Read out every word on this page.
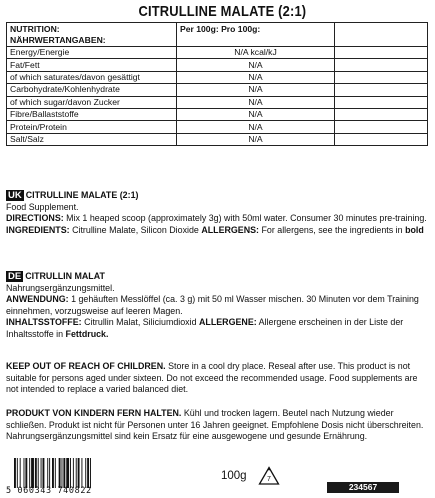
CITRULLINE MALATE (2:1)
NUTRITION:
NÄHRWERTANGABEN:	Per 100g: Pro 100g:	
Energy/Energie	N/A kcal/kJ	
Fat/Fett	N/A	
of which saturates/davon gesättigt	N/A	
Carbohydrate/Kohlenhydrate	N/A	
of which sugar/davon Zucker	N/A	
Fibre/Ballaststoffe	N/A	
Protein/Protein	N/A	
Salt/Salz	N/A	

UK CITRULLINE MALATE (2:1)

Food Supplement.

DIRECTIONS: Mix 1 heaped scoop (approximately 3g) with 50ml water. Consumer 30 minutes pre-training.

INGREDIENTS: Citrulline Malate, Silicon Dioxide ALLERGENS: For allergens, see the ingredients in bold

DE CITRULLIN MALAT

Nahrungsergänzungsmittel.

ANWENDUNG: 1 gehäuften Messlöffel (ca. 3 g) mit 50 ml Wasser mischen. 30 Minuten vor dem Training einnehmen, vorzugsweise auf leeren Magen.

INHALTSSTOFFE: Citrullin Malat, Siliciumdioxid ALLERGENE: Allergene erscheinen in der Liste der Inhaltsstoffe in Fettdruck.

KEEP OUT OF REACH OF CHILDREN. Store in a cool dry place. Reseal after use. This product is not suitable for persons aged under sixteen. Do not exceed the recommended usage. Food supplements are not intended to replace a varied balanced diet.

PRODUKT VON KINDERN FERN HALTEN. Kühl und trocken lagern. Beutel nach Nutzung wieder schließen. Produkt ist nicht für Personen unter 16 Jahren geeignet. Empfohlene Dosis nicht überschreiten. Nahrungsergänzungsmittel sind kein Ersatz für eine ausgewogene und gesunde Ernährung.

5 060343 740822
100g	7
234567
